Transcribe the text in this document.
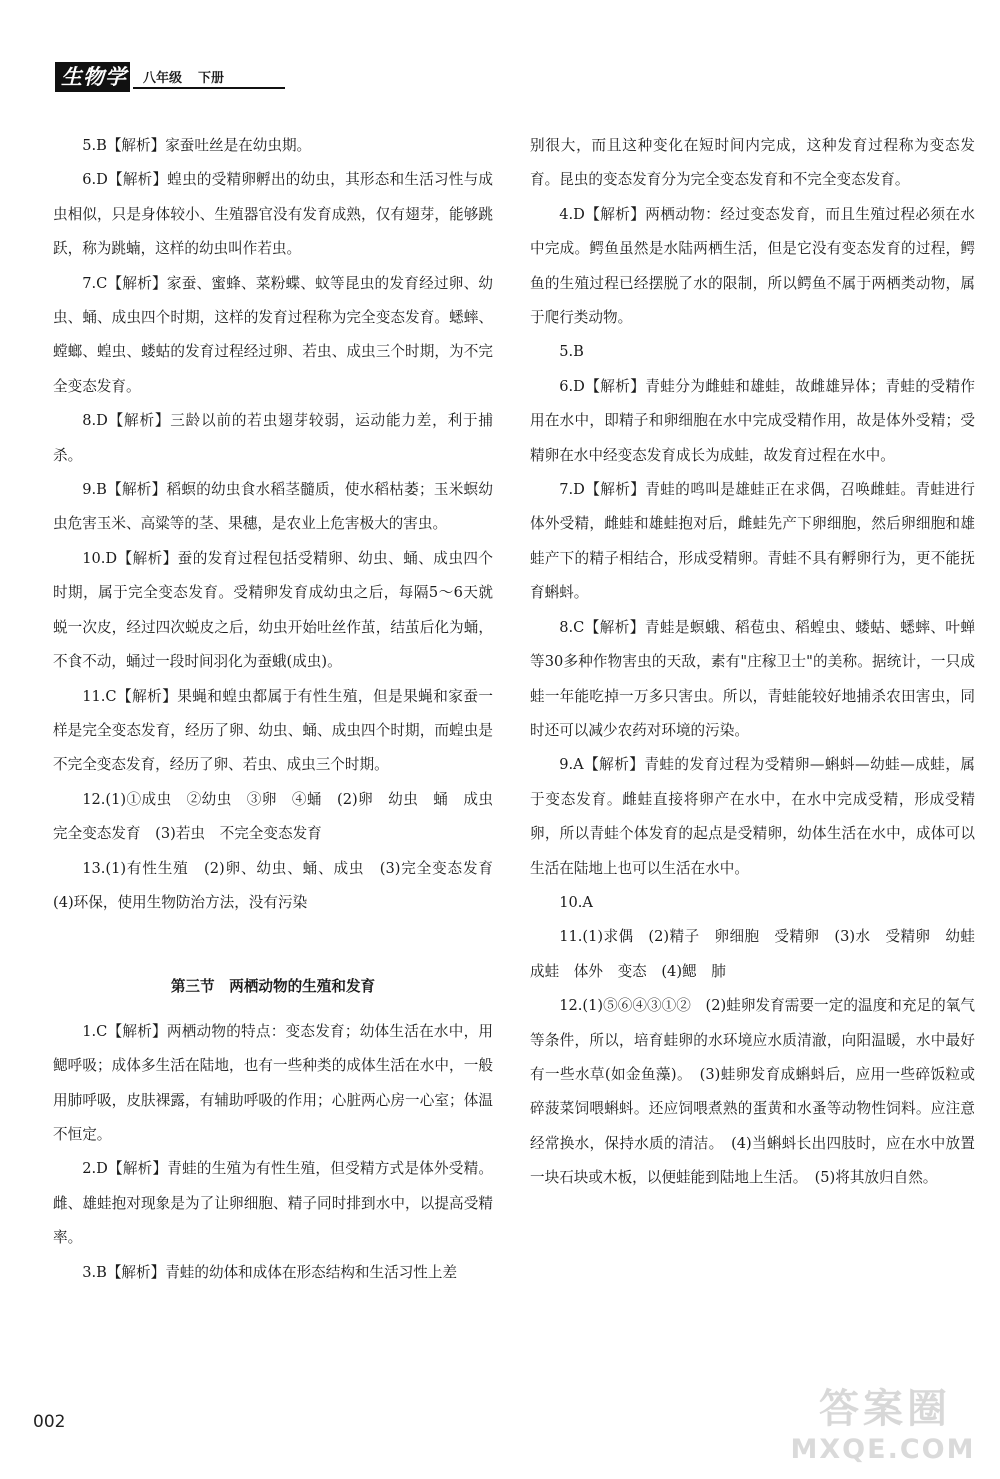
生物学	八年级 下册

5.B【解析】家蚕吐丝是在幼虫期。

6.D【解析】蝗虫的受精卵孵出的幼虫，其形态和生活习性与成虫相似，只是身体较小、生殖器官没有发育成熟，仅有翅芽，能够跳跃，称为跳蝻，这样的幼虫叫作若虫。

7.C【解析】家蚕、蜜蜂、菜粉蝶、蚊等昆虫的发育经过卵、幼虫、蛹、成虫四个时期，这样的发育过程称为完全变态发育。蟋蟀、螳螂、蝗虫、蝼蛄的发育过程经过卵、若虫、成虫三个时期，为不完全变态发育。

8.D【解析】三龄以前的若虫翅芽较弱，运动能力差，利于捕杀。

9.B【解析】稻螟的幼虫食水稻茎髓质，使水稻枯萎；玉米螟幼虫危害玉米、高粱等的茎、果穗，是农业上危害极大的害虫。

10.D【解析】蚕的发育过程包括受精卵、幼虫、蛹、成虫四个时期，属于完全变态发育。受精卵发育成幼虫之后，每隔5～6天就蜕一次皮，经过四次蜕皮之后，幼虫开始吐丝作茧，结茧后化为蛹，不食不动，蛹过一段时间羽化为蚕蛾(成虫)。

11.C【解析】果蝇和蝗虫都属于有性生殖，但是果蝇和家蚕一样是完全变态发育，经历了卵、幼虫、蛹、成虫四个时期，而蝗虫是不完全变态发育，经历了卵、若虫、成虫三个时期。

12.(1)①成虫　②幼虫　③卵　④蛹　(2)卵　幼虫　蛹　成虫　完全变态发育　(3)若虫　不完全变态发育

13.(1)有性生殖　(2)卵、幼虫、蛹、成虫　(3)完全变态发育　(4)环保，使用生物防治方法，没有污染

第三节　两栖动物的生殖和发育

1.C【解析】两栖动物的特点：变态发育；幼体生活在水中，用鳃呼吸；成体多生活在陆地，也有一些种类的成体生活在水中，一般用肺呼吸，皮肤裸露，有辅助呼吸的作用；心脏两心房一心室；体温不恒定。

2.D【解析】青蛙的生殖为有性生殖，但受精方式是体外受精。雌、雄蛙抱对现象是为了让卵细胞、精子同时排到水中，以提高受精率。

3.B【解析】青蛙的幼体和成体在形态结构和生活习性上差

别很大，而且这种变化在短时间内完成，这种发育过程称为变态发育。昆虫的变态发育分为完全变态发育和不完全变态发育。

4.D【解析】两栖动物：经过变态发育，而且生殖过程必须在水中完成。鳄鱼虽然是水陆两栖生活，但是它没有变态发育的过程，鳄鱼的生殖过程已经摆脱了水的限制，所以鳄鱼不属于两栖类动物，属于爬行类动物。

5.B

6.D【解析】青蛙分为雌蛙和雄蛙，故雌雄异体；青蛙的受精作用在水中，即精子和卵细胞在水中完成受精作用，故是体外受精；受精卵在水中经变态发育成长为成蛙，故发育过程在水中。

7.D【解析】青蛙的鸣叫是雄蛙正在求偶，召唤雌蛙。青蛙进行体外受精，雌蛙和雄蛙抱对后，雌蛙先产下卵细胞，然后卵细胞和雄蛙产下的精子相结合，形成受精卵。青蛙不具有孵卵行为，更不能抚育蝌蚪。

8.C【解析】青蛙是螟蛾、稻苞虫、稻蝗虫、蝼蛄、蟋蟀、叶蝉等30多种作物害虫的天敌，素有"庄稼卫士"的美称。据统计，一只成蛙一年能吃掉一万多只害虫。所以，青蛙能较好地捕杀农田害虫，同时还可以减少农药对环境的污染。

9.A【解析】青蛙的发育过程为受精卵—蝌蚪—幼蛙—成蛙，属于变态发育。雌蛙直接将卵产在水中，在水中完成受精，形成受精卵，所以青蛙个体发育的起点是受精卵，幼体生活在水中，成体可以生活在陆地上也可以生活在水中。

10.A

11.(1)求偶　(2)精子　卵细胞　受精卵　(3)水　受精卵　幼蛙　成蛙　体外　变态　(4)鳃　肺

12.(1)⑤⑥④③①②　(2)蛙卵发育需要一定的温度和充足的氧气等条件，所以，培育蛙卵的水环境应水质清澈，向阳温暖，水中最好有一些水草(如金鱼藻)。　(3)蛙卵发育成蝌蚪后，应用一些碎饭粒或碎菠菜饲喂蝌蚪。还应饲喂煮熟的蛋黄和水蚤等动物性饲料。应注意经常换水，保持水质的清洁。　(4)当蝌蚪长出四肢时，应在水中放置一块石块或木板，以便蛙能到陆地上生活。　(5)将其放归自然。

002	答案圈
MXQE.COM
